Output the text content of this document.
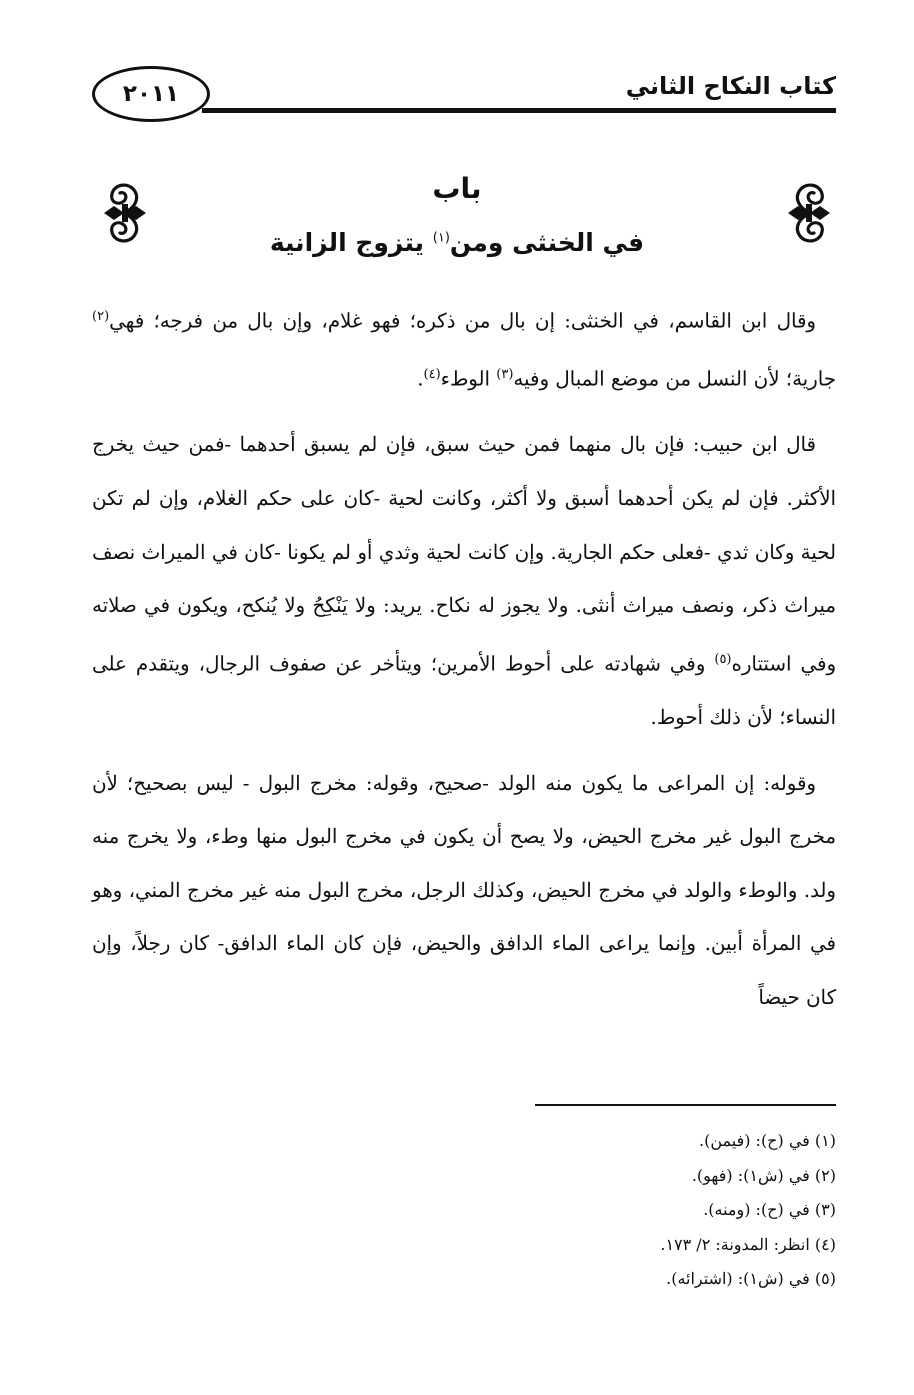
٢٠١١	كتاب النكاح الثاني
باب
في الخنثى ومن$^{(١)}$ يتزوج الزانية

وقال ابن القاسم، في الخنثى: إن بال من ذكره؛ فهو غلام، وإن بال من فرجه؛ فهي$^{(٢)}$ جارية؛ لأن النسل من موضع المبال وفيه$^{(٣)}$ الوطء$^{(٤)}$.

قال ابن حبيب: فإن بال منهما فمن حيث سبق، فإن لم يسبق أحدهما -فمن حيث يخرج الأكثر. فإن لم يكن أحدهما أسبق ولا أكثر، وكانت لحية -كان على حكم الغلام، وإن لم تكن لحية وكان ثدي -فعلى حكم الجارية. وإن كانت لحية وثدي أو لم يكونا -كان في الميراث نصف ميراث ذكر، ونصف ميراث أنثى. ولا يجوز له نكاح. يريد: ولا يَنْكِحُ ولا يُنكح، ويكون في صلاته وفي استتاره$^{(٥)}$ وفي شهادته على أحوط الأمرين؛ ويتأخر عن صفوف الرجال، ويتقدم على النساء؛ لأن ذلك أحوط.

وقوله: إن المراعى ما يكون منه الولد -صحيح، وقوله: مخرج البول - ليس بصحيح؛ لأن مخرج البول غير مخرج الحيض، ولا يصح أن يكون في مخرج البول منها وطء، ولا يخرج منه ولد. والوطء والولد في مخرج الحيض، وكذلك الرجل، مخرج البول منه غير مخرج المني، وهو في المرأة أبين. وإنما يراعى الماء الدافق والحيض، فإن كان الماء الدافق- كان رجلاً، وإن كان حيضاً

(١) في (ح): (فيمن).
(٢) في (ش١): (فهو).
(٣) في (ح): (ومنه).
(٤) انظر: المدونة: ٢/ ١٧٣.
(٥) في (ش١): (اشترائه).
